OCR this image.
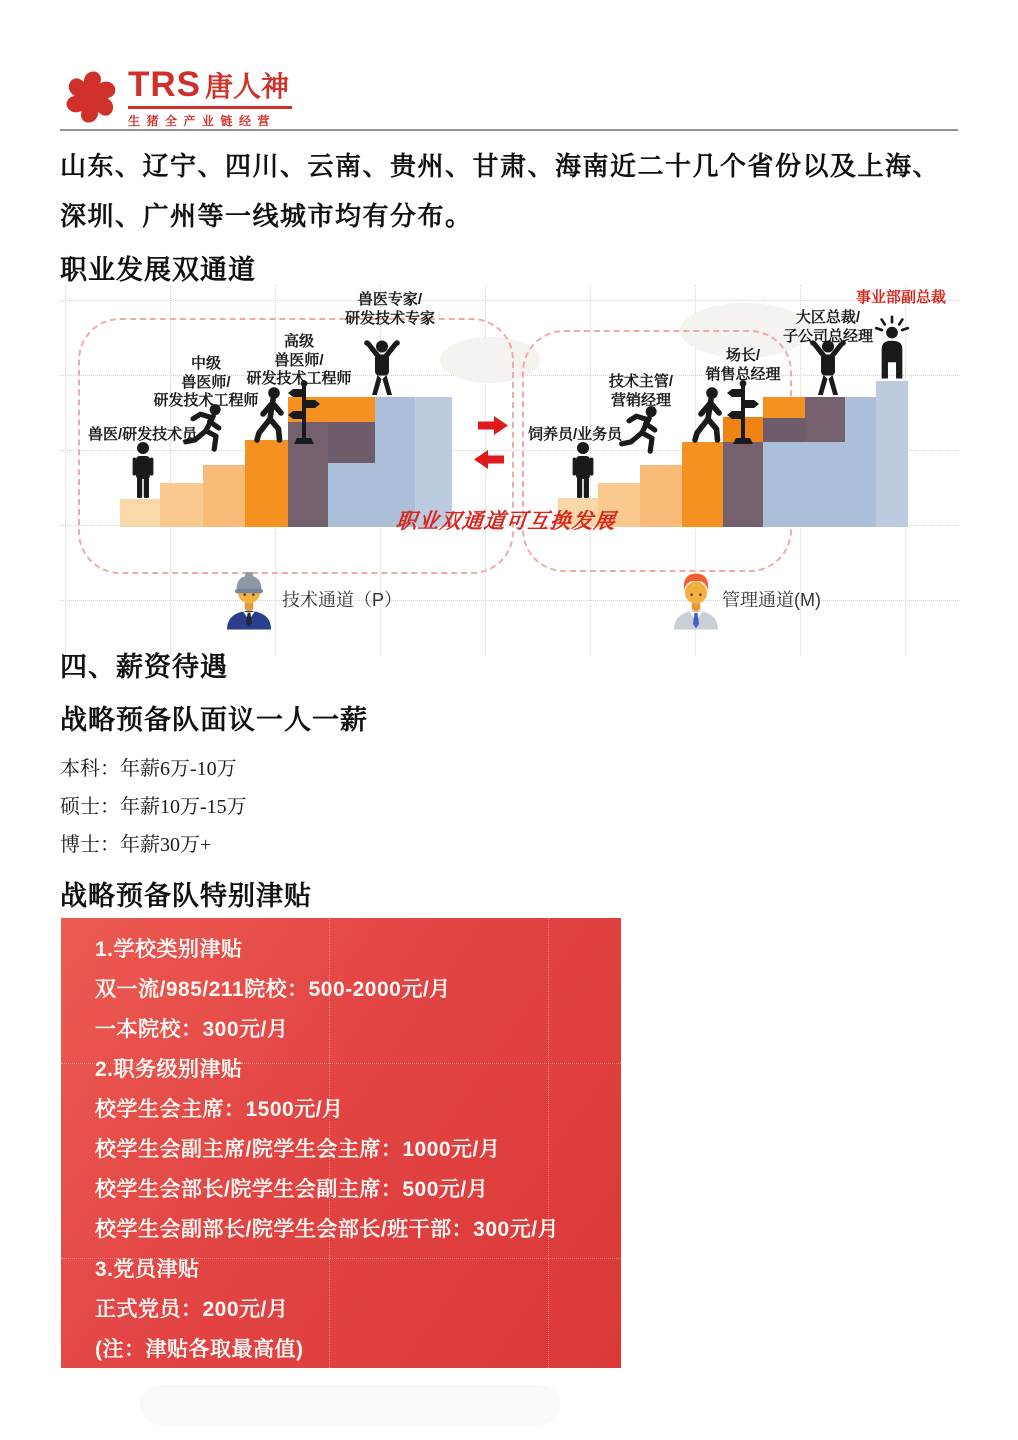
TRS 唐人神
生猪全产业链经营
山东、辽宁、四川、云南、贵州、甘肃、海南近二十几个省份以及上海、
深圳、广州等一线城市均有分布。
职业发展双通道
兽医/研发技术员
中级
兽医师/
研发技术工程师
高级
兽医师/
研发技术工程师
兽医专家/
研发技术专家
职业双通道可互换发展
饲养员/业务员
技术主管/
营销经理
场长/
销售总经理
大区总裁/
子公司总经理
事业部副总裁
技术通道（P）	管理通道(M)
四、薪资待遇
战略预备队面议一人一薪
本科：年薪6万-10万
硕士：年薪10万-15万
博士：年薪30万+
战略预备队特别津贴
1.学校类别津贴
双一流/985/211院校：500-2000元/月
一本院校：300元/月
2.职务级别津贴
校学生会主席：1500元/月
校学生会副主席/院学生会主席：1000元/月
校学生会部长/院学生会副主席：500元/月
校学生会副部长/院学生会部长/班干部：300元/月
3.党员津贴
正式党员：200元/月
(注：津贴各取最高值)
